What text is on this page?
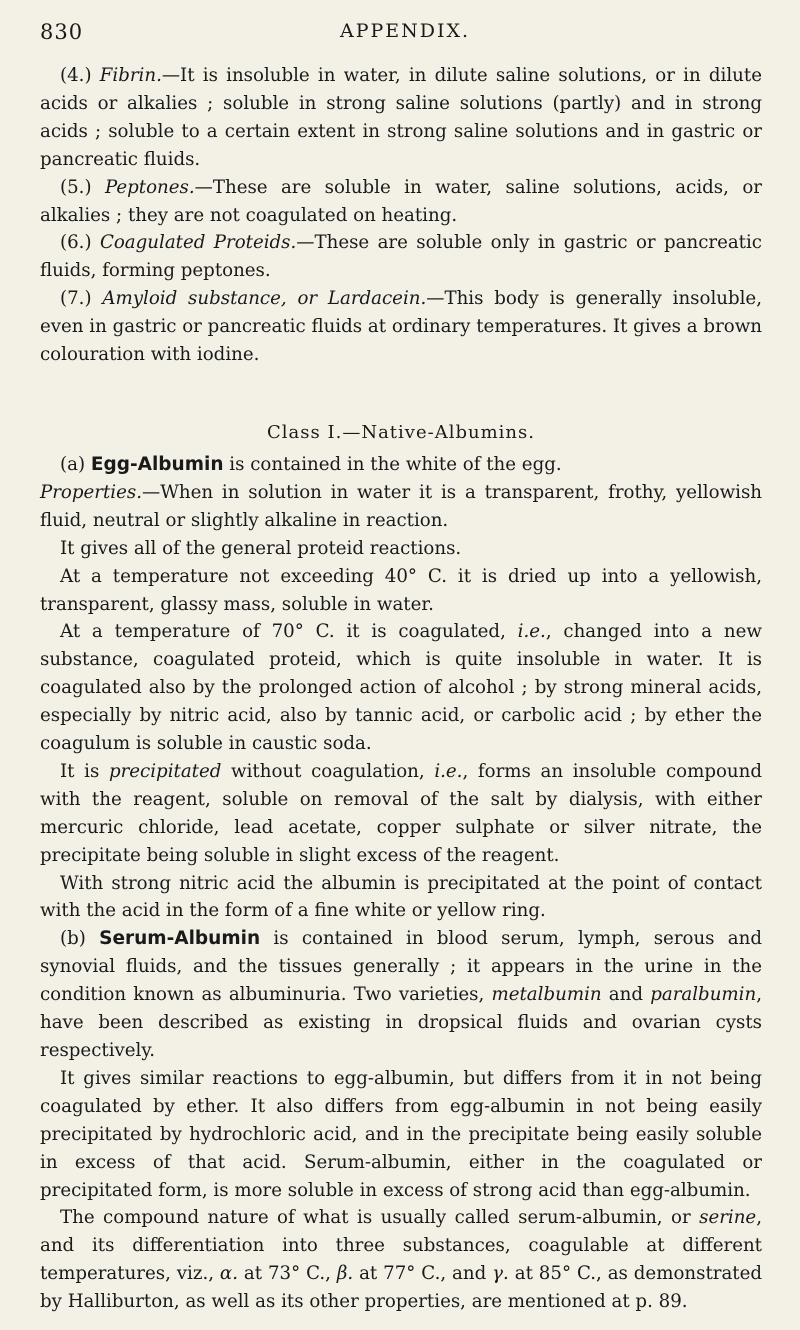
830	APPENDIX.

(4.) Fibrin.—It is insoluble in water, in dilute saline solutions, or in dilute acids or alkalies ; soluble in strong saline solutions (partly) and in strong acids ; soluble to a certain extent in strong saline solutions and in gastric or pancreatic fluids.

(5.) Peptones.—These are soluble in water, saline solutions, acids, or alkalies ; they are not coagulated on heating.

(6.) Coagulated Proteids.—These are soluble only in gastric or pancreatic fluids, forming peptones.

(7.) Amyloid substance, or Lardacein.—This body is generally insoluble, even in gastric or pancreatic fluids at ordinary temperatures. It gives a brown colouration with iodine.

Class I.—Native-Albumins.

(a) Egg-Albumin is contained in the white of the egg.

Properties.—When in solution in water it is a transparent, frothy, yellowish fluid, neutral or slightly alkaline in reaction.

It gives all of the general proteid reactions.

At a temperature not exceeding 40° C. it is dried up into a yellowish, transparent, glassy mass, soluble in water.

At a temperature of 70° C. it is coagulated, i.e., changed into a new substance, coagulated proteid, which is quite insoluble in water. It is coagulated also by the prolonged action of alcohol ; by strong mineral acids, especially by nitric acid, also by tannic acid, or carbolic acid ; by ether the coagulum is soluble in caustic soda.

It is precipitated without coagulation, i.e., forms an insoluble compound with the reagent, soluble on removal of the salt by dialysis, with either mercuric chloride, lead acetate, copper sulphate or silver nitrate, the precipitate being soluble in slight excess of the reagent.

With strong nitric acid the albumin is precipitated at the point of contact with the acid in the form of a fine white or yellow ring.

(b) Serum-Albumin is contained in blood serum, lymph, serous and synovial fluids, and the tissues generally ; it appears in the urine in the condition known as albuminuria. Two varieties, metalbumin and paralbumin, have been described as existing in dropsical fluids and ovarian cysts respectively.

It gives similar reactions to egg-albumin, but differs from it in not being coagulated by ether. It also differs from egg-albumin in not being easily precipitated by hydrochloric acid, and in the precipitate being easily soluble in excess of that acid. Serum-albumin, either in the coagulated or precipitated form, is more soluble in excess of strong acid than egg-albumin.

The compound nature of what is usually called serum-albumin, or serine, and its differentiation into three substances, coagulable at different temperatures, viz., α. at 73° C., β. at 77° C., and γ. at 85° C., as demonstrated by Halliburton, as well as its other properties, are mentioned at p. 89.
